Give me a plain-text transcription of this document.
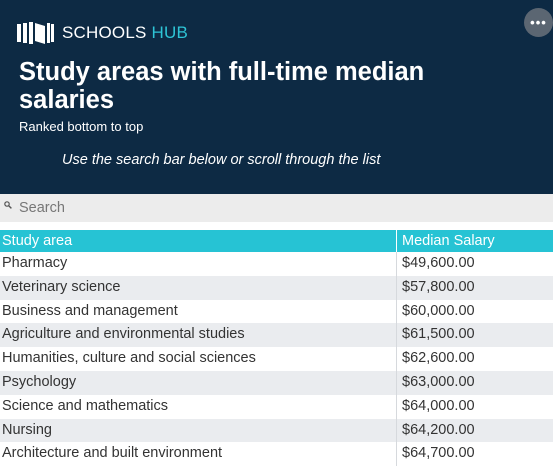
SCHOOLS HUB
Study areas with full-time median salaries
Ranked bottom to top
Use the search bar below or scroll through the list
•••
Search
Study area	Median Salary
Pharmacy	$49,600.00
Veterinary science	$57,800.00
Business and management	$60,000.00
Agriculture and environmental studies	$61,500.00
Humanities, culture and social sciences	$62,600.00
Psychology	$63,000.00
Science and mathematics	$64,000.00
Nursing	$64,200.00
Architecture and built environment	$64,700.00
